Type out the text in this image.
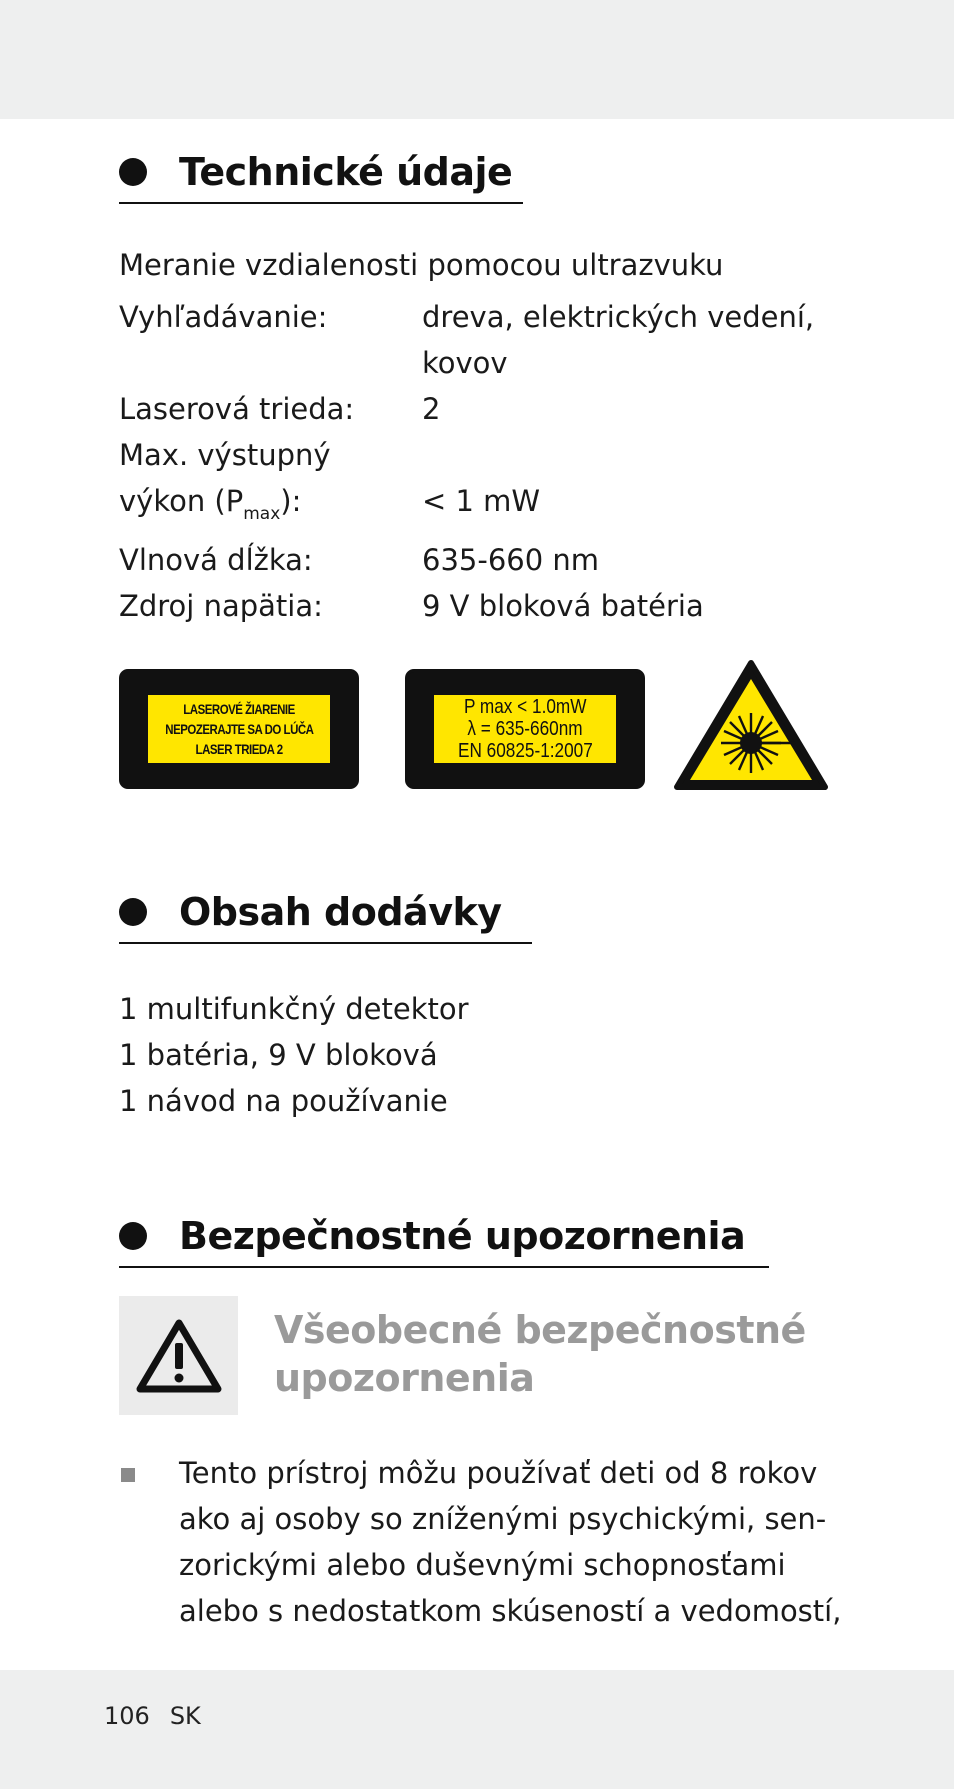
Technické údaje
Meranie vzdialenosti pomocou ultrazvuku
Vyhľadávanie:	dreva, elektrických vedení,
kovov
Laserová trieda:	2
Max. výstupný
výkon $(P_{max})$:	< 1 mW
Vlnová dĺžka:	635-660 nm
Zdroj napätia:	9 V bloková batéria
LASEROVÉ ŽIARENIE
NEPOZERAJTE SA DO LÚČA
LASER TRIEDA 2
P max < 1.0mW
λ = 635-660nm
EN 60825-1:2007
Obsah dodávky
1 multifunkčný detektor
1 batéria, 9 V bloková
1 návod na používanie
Bezpečnostné upozornenia
Všeobecné bezpečnostné
upozornenia
Tento prístroj môžu používať deti od 8 rokov
ako aj osoby so zníženými psychickými, sen-
zorickými alebo duševnými schopnosťami
alebo s nedostatkom skúseností a vedomostí,
106 SK
